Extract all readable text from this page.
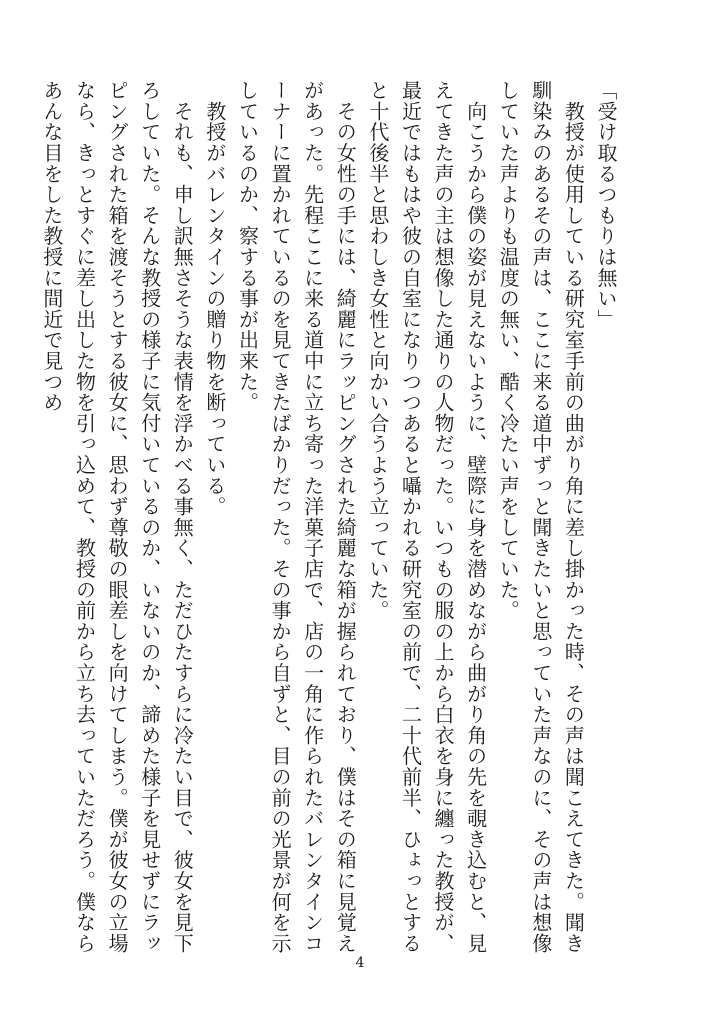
「受け取るつもりは無い」

　教授が使用している研究室手前の曲がり角に差し掛かった時、その声は聞こえてきた。聞き馴染みのあるその声は、ここに来る道中ずっと聞きたいと思っていた声なのに、その声は想像していた声よりも温度の無い、酷く冷たい声をしていた。

　向こうから僕の姿が見えないように、壁際に身を潜めながら曲がり角の先を覗き込むと、見えてきた声の主は想像した通りの人物だった。いつもの服の上から白衣を身に纏った教授が、最近ではもはや彼の自室になりつつあると囁かれる研究室の前で、二十代前半、ひょっとすると十代後半と思わしき女性と向かい合うよう立っていた。

　その女性の手には、綺麗にラッピングされた綺麗な箱が握られており、僕はその箱に見覚えがあった。先程ここに来る道中に立ち寄った洋菓子店で、店の一角に作られたバレンタインコーナーに置かれているのを見てきたばかりだった。その事から自ずと、目の前の光景が何を示しているのか、察する事が出来た。

　教授がバレンタインの贈り物を断っている。

　それも、申し訳無さそうな表情を浮かべる事無く、ただひたすらに冷たい目で、彼女を見下ろしていた。そんな教授の様子に気付いているのか、いないのか、諦めた様子を見せずにラッピングされた箱を渡そうとする彼女に、思わず尊敬の眼差しを向けてしまう。僕が彼女の立場なら、きっとすぐに差し出した物を引っ込めて、教授の前から立ち去っていただろう。僕ならあんな目をした教授に間近で見つめ

4
